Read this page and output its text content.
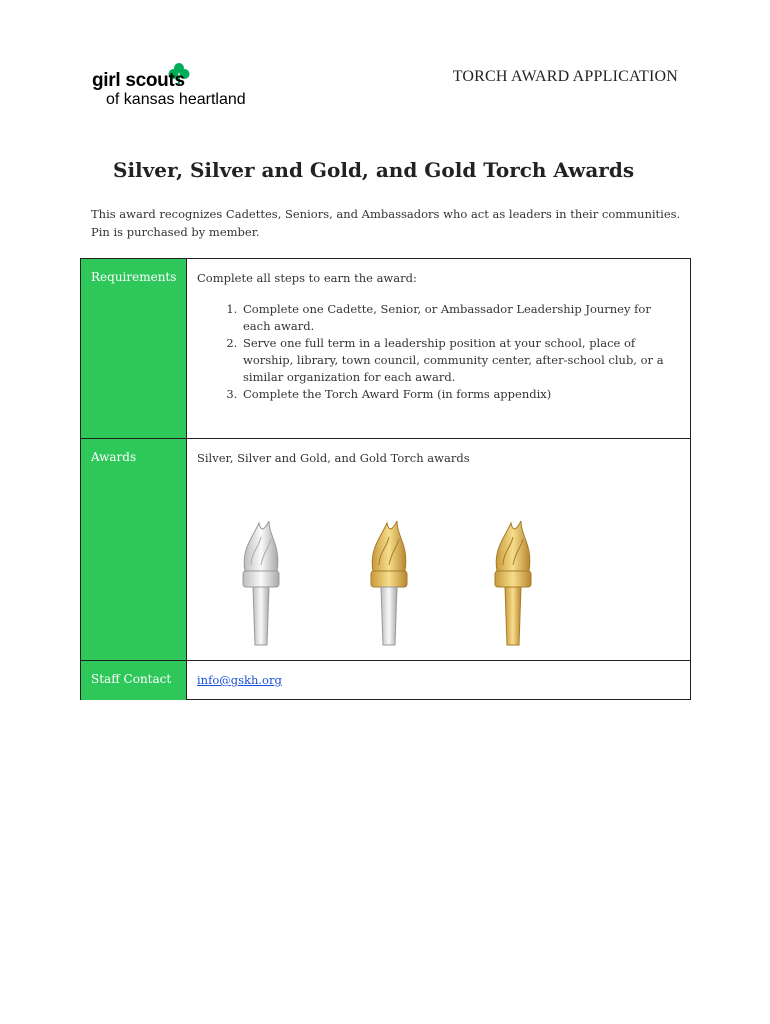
girl scouts
of kansas heartland
TORCH AWARD APPLICATION
Silver, Silver and Gold, and Gold Torch Awards
This award recognizes Cadettes, Seniors, and Ambassadors who act as leaders in their communities. Pin is purchased by member.
Requirements Complete all steps to earn the award:
1. Complete one Cadette, Senior, or Ambassador Leadership Journey for each award.
2. Serve one full term in a leadership position at your school, place of worship, library, town council, community center, after-school club, or a similar organization for each award.
3. Complete the Torch Award Form (in forms appendix)
Awards	Silver, Silver and Gold, and Gold Torch awards
Staff Contact info@gskh.org
